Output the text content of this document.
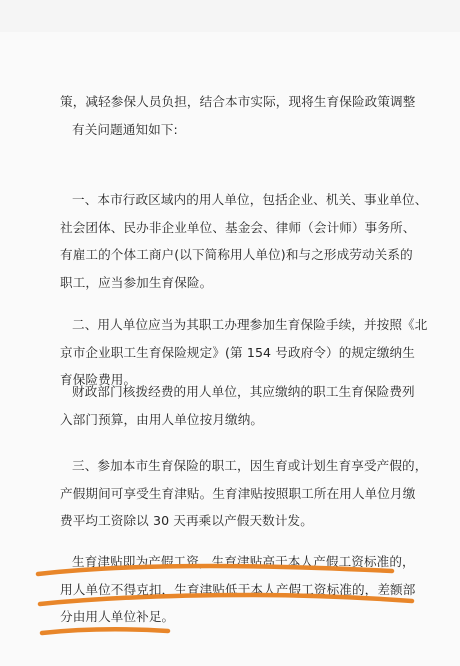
策，减轻参保人员负担，结合本市实际，现将生育保险政策调整
有关问题通知如下:
一、本市行政区域内的用人单位，包括企业、机关、事业单位、
社会团体、民办非企业单位、基金会、律师（会计师）事务所、
有雇工的个体工商户(以下简称用人单位)和与之形成劳动关系的
职工，应当参加生育保险。
二、用人单位应当为其职工办理参加生育保险手续，并按照《北
京市企业职工生育保险规定》(第 154 号政府令）的规定缴纳生
育保险费用。
财政部门核拨经费的用人单位，其应缴纳的职工生育保险费列
入部门预算，由用人单位按月缴纳。
三、参加本市生育保险的职工，因生育或计划生育享受产假的，
产假期间可享受生育津贴。生育津贴按照职工所在用人单位月缴
费平均工资除以 30 天再乘以产假天数计发。
生育津贴即为产假工资，生育津贴高于本人产假工资标准的，
用人单位不得克扣，生育津贴低于本人产假工资标准的，差额部
分由用人单位补足。
